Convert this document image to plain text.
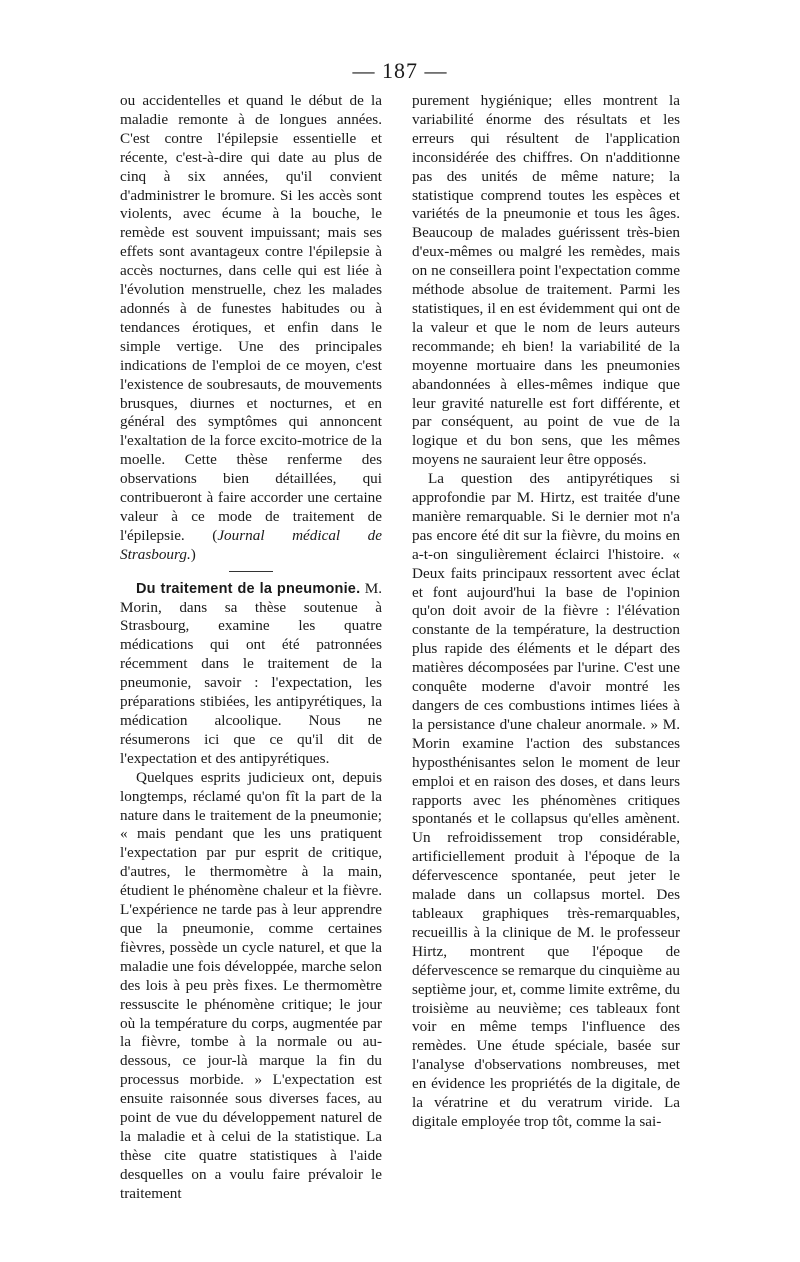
— 187 —

ou accidentelles et quand le début de la maladie remonte à de longues années. C'est contre l'épilepsie essentielle et récente, c'est-à-dire qui date au plus de cinq à six années, qu'il convient d'administrer le bromure. Si les accès sont violents, avec écume à la bouche, le remède est souvent impuissant; mais ses effets sont avantageux contre l'épilepsie à accès nocturnes, dans celle qui est liée à l'évolution menstruelle, chez les malades adonnés à de funestes habitudes ou à tendances érotiques, et enfin dans le simple vertige. Une des principales indications de l'emploi de ce moyen, c'est l'existence de soubresauts, de mouvements brusques, diurnes et nocturnes, et en général des symptômes qui annoncent l'exaltation de la force excito-motrice de la moelle. Cette thèse renferme des observations bien détaillées, qui contribueront à faire accorder une certaine valeur à ce mode de traitement de l'épilepsie. (Journal médical de Strasbourg.)

Du traitement de la pneumonie. M. Morin, dans sa thèse soutenue à Strasbourg, examine les quatre médications qui ont été patronnées récemment dans le traitement de la pneumonie, savoir : l'expectation, les préparations stibiées, les antipyrétiques, la médication alcoolique. Nous ne résumerons ici que ce qu'il dit de l'expectation et des antipyrétiques.

Quelques esprits judicieux ont, depuis longtemps, réclamé qu'on fît la part de la nature dans le traitement de la pneumonie; « mais pendant que les uns pratiquent l'expectation par pur esprit de critique, d'autres, le thermomètre à la main, étudient le phénomène chaleur et la fièvre. L'expérience ne tarde pas à leur apprendre que la pneumonie, comme certaines fièvres, possède un cycle naturel, et que la maladie une fois développée, marche selon des lois à peu près fixes. Le thermomètre ressuscite le phénomène critique; le jour où la température du corps, augmentée par la fièvre, tombe à la normale ou au-dessous, ce jour-là marque la fin du processus morbide. » L'expectation est ensuite raisonnée sous diverses faces, au point de vue du développement naturel de la maladie et à celui de la statistique. La thèse cite quatre statistiques à l'aide desquelles on a voulu faire prévaloir le traitement

purement hygiénique; elles montrent la variabilité énorme des résultats et les erreurs qui résultent de l'application inconsidérée des chiffres. On n'additionne pas des unités de même nature; la statistique comprend toutes les espèces et variétés de la pneumonie et tous les âges. Beaucoup de malades guérissent très-bien d'eux-mêmes ou malgré les remèdes, mais on ne conseillera point l'expectation comme méthode absolue de traitement. Parmi les statistiques, il en est évidemment qui ont de la valeur et que le nom de leurs auteurs recommande; eh bien! la variabilité de la moyenne mortuaire dans les pneumonies abandonnées à elles-mêmes indique que leur gravité naturelle est fort différente, et par conséquent, au point de vue de la logique et du bon sens, que les mêmes moyens ne sauraient leur être opposés.

La question des antipyrétiques si approfondie par M. Hirtz, est traitée d'une manière remarquable. Si le dernier mot n'a pas encore été dit sur la fièvre, du moins en a-t-on singulièrement éclairci l'histoire. « Deux faits principaux ressortent avec éclat et font aujourd'hui la base de l'opinion qu'on doit avoir de la fièvre : l'élévation constante de la température, la destruction plus rapide des éléments et le départ des matières décomposées par l'urine. C'est une conquête moderne d'avoir montré les dangers de ces combustions intimes liées à la persistance d'une chaleur anormale. » M. Morin examine l'action des substances hyposthénisantes selon le moment de leur emploi et en raison des doses, et dans leurs rapports avec les phénomènes critiques spontanés et le collapsus qu'elles amènent. Un refroidissement trop considérable, artificiellement produit à l'époque de la défervescence spontanée, peut jeter le malade dans un collapsus mortel. Des tableaux graphiques très-remarquables, recueillis à la clinique de M. le professeur Hirtz, montrent que l'époque de défervescence se remarque du cinquième au septième jour, et, comme limite extrême, du troisième au neuvième; ces tableaux font voir en même temps l'influence des remèdes. Une étude spéciale, basée sur l'analyse d'observations nombreuses, met en évidence les propriétés de la digitale, de la vératrine et du veratrum viride. La digitale employée trop tôt, comme la sai-
